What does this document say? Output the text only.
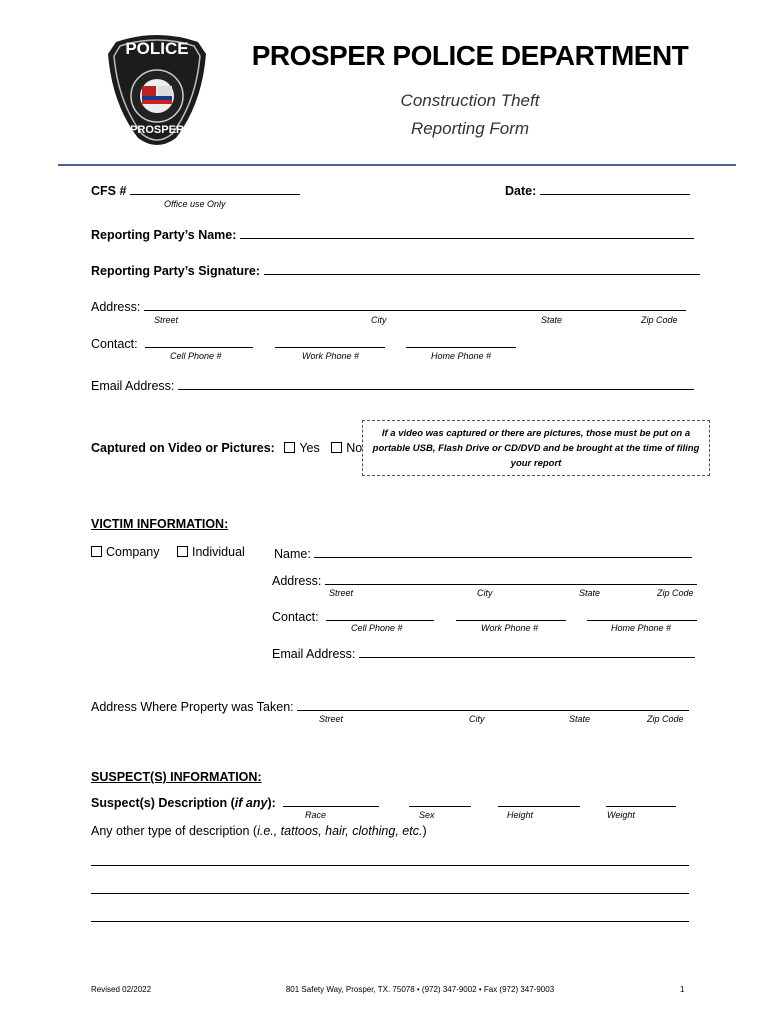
POLICE
PROSPER
PROSPER POLICE DEPARTMENT
Construction Theft
Reporting Form
CFS #
Office use Only
Date:
Reporting Party’s Name:
Reporting Party’s Signature:
Address:
Street	City	State	Zip Code
Contact:
Cell Phone #	Work Phone #	Home Phone #
Email Address:
Captured on Video or Pictures: Yes No
If a video was captured or there are pictures, those must be put on a portable USB, Flash Drive or CD/DVD and be brought at the time of filing your report
VICTIM INFORMATION:
Company	Individual Name:
Address:
Street	City	State	Zip Code
Contact:
Cell Phone #	Work Phone #	Home Phone #
Email Address:
Address Where Property was Taken:
Street	City	State	Zip Code
SUSPECT(S) INFORMATION:
Suspect(s) Description (if any):
Race	Sex	Height	Weight
Any other type of description (i.e., tattoos, hair, clothing, etc.)
Revised 02/2022	801 Safety Way, Prosper, TX. 75078 • (972) 347-9002 • Fax (972) 347-9003	1
